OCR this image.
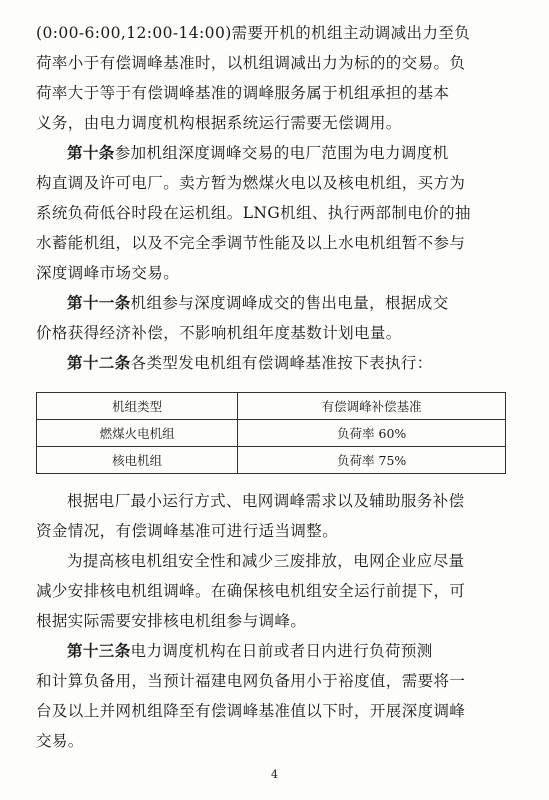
(0:00-6:00,12:00-14:00)需要开机的机组主动调减出力至负
荷率小于有偿调峰基准时，以机组调减出力为标的的交易。负
荷率大于等于有偿调峰基准的调峰服务属于机组承担的基本
义务，由电力调度机构根据系统运行需要无偿调用。
第十条参加机组深度调峰交易的电厂范围为电力调度机
构直调及许可电厂。卖方暂为燃煤火电以及核电机组，买方为
系统负荷低谷时段在运机组。LNG机组、执行两部制电价的抽
水蓄能机组，以及不完全季调节性能及以上水电机组暂不参与
深度调峰市场交易。
第十一条机组参与深度调峰成交的售出电量，根据成交
价格获得经济补偿，不影响机组年度基数计划电量。
第十二条各类型发电机组有偿调峰基准按下表执行：
机组类型	有偿调峰补偿基准
燃煤火电机组	负荷率 60%
核电机组	负荷率 75%
根据电厂最小运行方式、电网调峰需求以及辅助服务补偿
资金情况，有偿调峰基准可进行适当调整。
为提高核电机组安全性和减少三废排放，电网企业应尽量
减少安排核电机组调峰。在确保核电机组安全运行前提下，可
根据实际需要安排核电机组参与调峰。
第十三条电力调度机构在日前或者日内进行负荷预测
和计算负备用，当预计福建电网负备用小于裕度值，需要将一
台及以上并网机组降至有偿调峰基准值以下时，开展深度调峰
交易。
4
